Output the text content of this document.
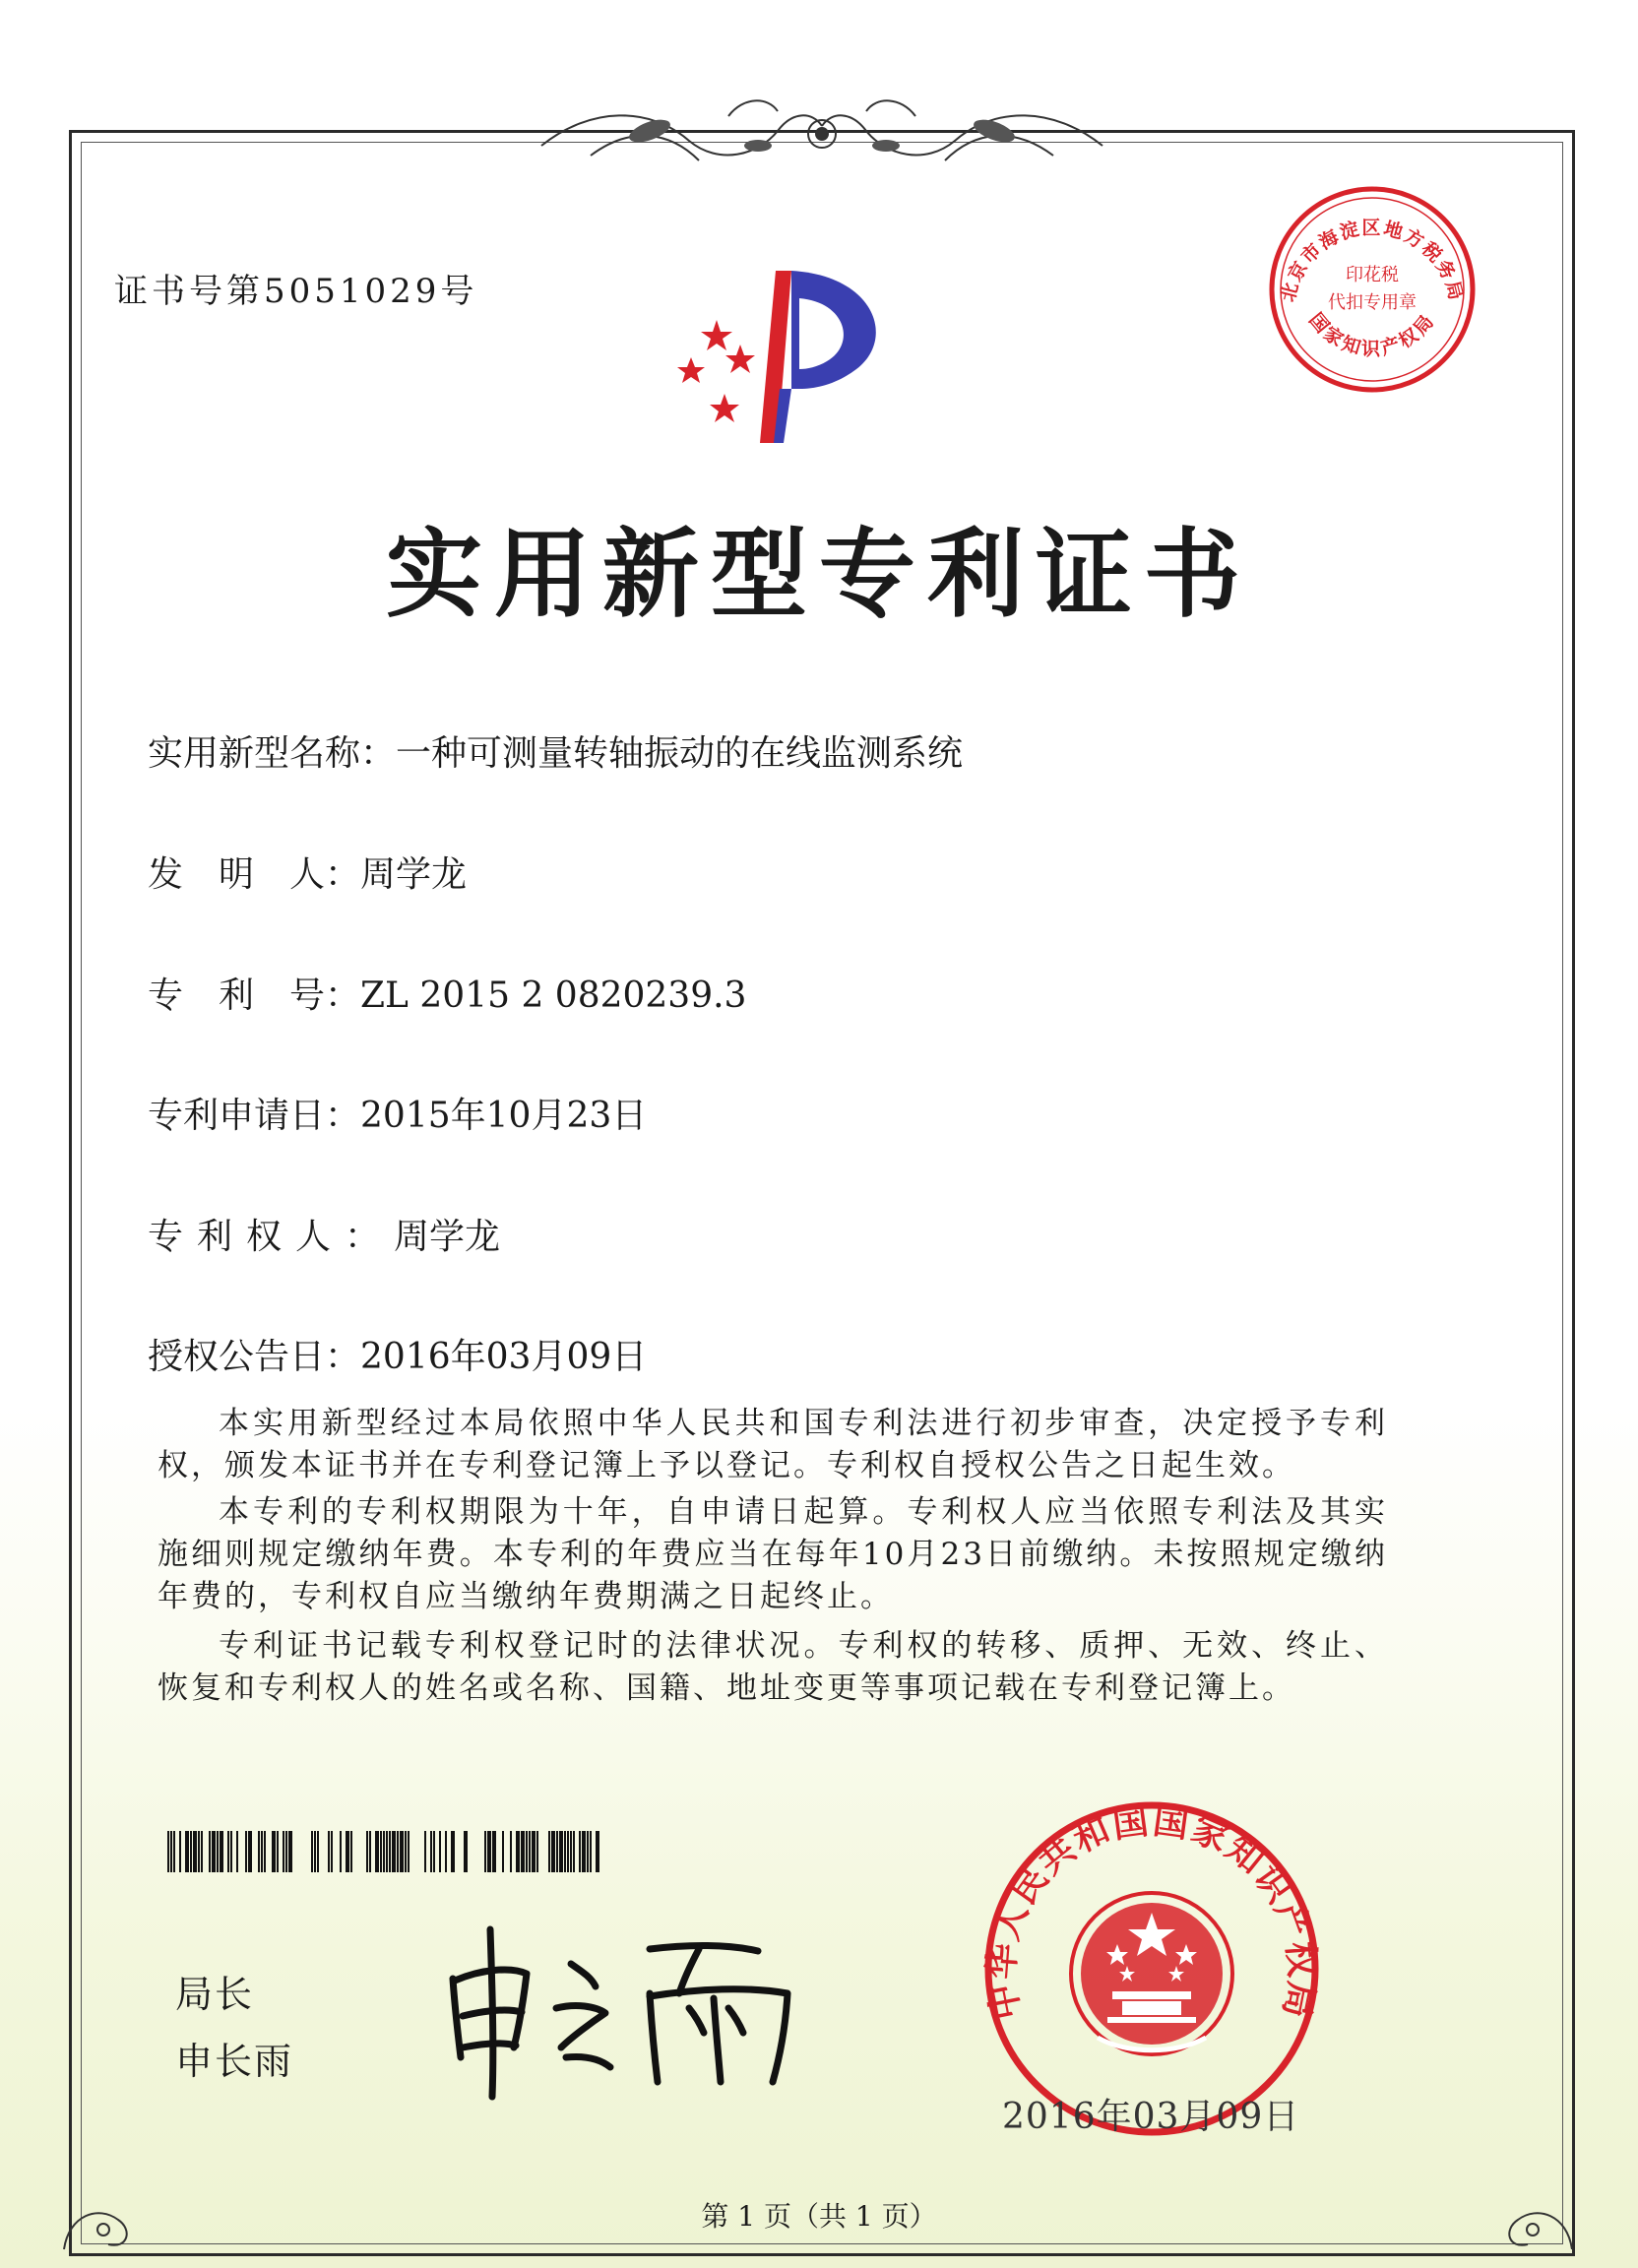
证书号第5051029号	北京市海淀区地方税务局
印花税
代扣专用章
国家知识产权局
实用新型专利证书
实用新型名称：一种可测量转轴振动的在线监测系统
发　明　人：周学龙
专　利　号：ZL 2015 2 0820239.3
专利申请日：2015年10月23日
专利权人：周学龙
授权公告日：2016年03月09日
本实用新型经过本局依照中华人民共和国专利法进行初步审查，决定授予专利权，颁发本证书并在专利登记簿上予以登记。专利权自授权公告之日起生效。
本专利的专利权期限为十年，自申请日起算。专利权人应当依照专利法及其实施细则规定缴纳年费。本专利的年费应当在每年10月23日前缴纳。未按照规定缴纳年费的，专利权自应当缴纳年费期满之日起终止。
专利证书记载专利权登记时的法律状况。专利权的转移、质押、无效、终止、恢复和专利权人的姓名或名称、国籍、地址变更等事项记载在专利登记簿上。
局长
申长雨
中华人民共和国国家知识产权局
2016年03月09日
第 1 页（共 1 页）
